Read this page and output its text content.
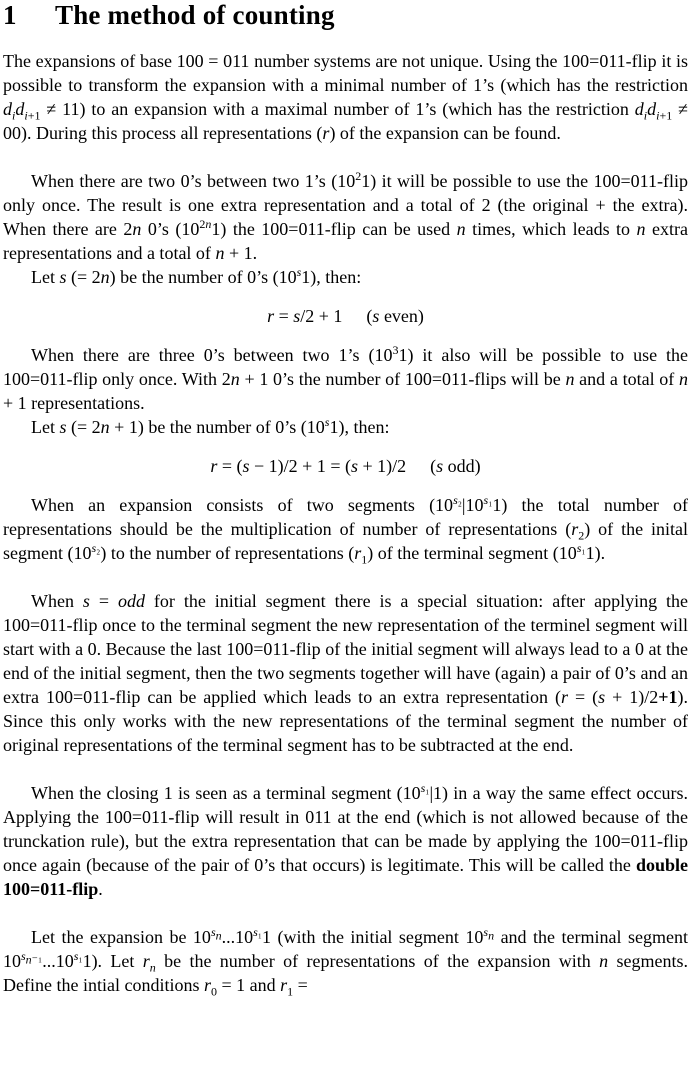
1 The method of counting

The expansions of base 100 = 011 number systems are not unique. Using the 100=011-flip it is possible to transform the expansion with a minimal number of 1’s (which has the restriction $d_id_{i+1} \ne 11$) to an expansion with a maximal number of 1’s (which has the restriction $d_id_{i+1} \ne 00$). During this process all representations (r) of the expansion can be found.

When there are two 0’s between two 1’s $(10^21)$ it will be possible to use the 100=011-flip only once. The result is one extra representation and a total of 2 (the original + the extra). When there are 2n 0’s $(10^{2n}1)$ the 100=011-flip can be used n times, which leads to n extra representations and a total of n + 1.

Let s (= 2n) be the number of 0’s (10$^s$1), then:

r = s/2 + 1 (s even)

When there are three 0’s between two 1’s $(10^31)$ it also will be possible to use the 100=011-flip only once. With 2n + 1 0’s the number of 100=011-flips will be n and a total of n + 1 representations.

Let s (= 2n + 1) be the number of 0’s (10$^s$1), then:

r = (s − 1)/2 + 1 = (s + 1)/2 (s odd)

When an expansion consists of two segments $(10^{s_2}|10^{s_1}1)$ the total number of representations should be the multiplication of number of representations $(r_2)$ of the inital segment $(10^{s_2})$ to the number of representations $(r_1)$ of the terminal segment $(10^{s_1}1)$.

When s = odd for the initial segment there is a special situation: after applying the 100=011-flip once to the terminal segment the new representation of the terminel segment will start with a 0. Because the last 100=011-flip of the initial segment will always lead to a 0 at the end of the initial segment, then the two segments together will have (again) a pair of 0’s and an extra 100=011-flip can be applied which leads to an extra representation (r = (s + 1)/2+1). Since this only works with the new representations of the terminal segment the number of original representations of the terminal segment has to be subtracted at the end.

When the closing 1 is seen as a terminal segment $(10^{s_1}|1)$ in a way the same effect occurs. Applying the 100=011-flip will result in 011 at the end (which is not allowed because of the trunckation rule), but the extra representation that can be made by applying the 100=011-flip once again (because of the pair of 0’s that occurs) is legitimate. This will be called the double 100=011-flip.

Let the expansion be $10^{s_n}...10^{s_1}1$ (with the initial segment $10^{s_n}$ and the terminal segment $10^{s_n_{-1}}...10^{s_1}1$). Let $r_n$ be the number of representations of the expansion with n segments. Define the intial conditions $r_0 = 1$ and $r_1$ =
